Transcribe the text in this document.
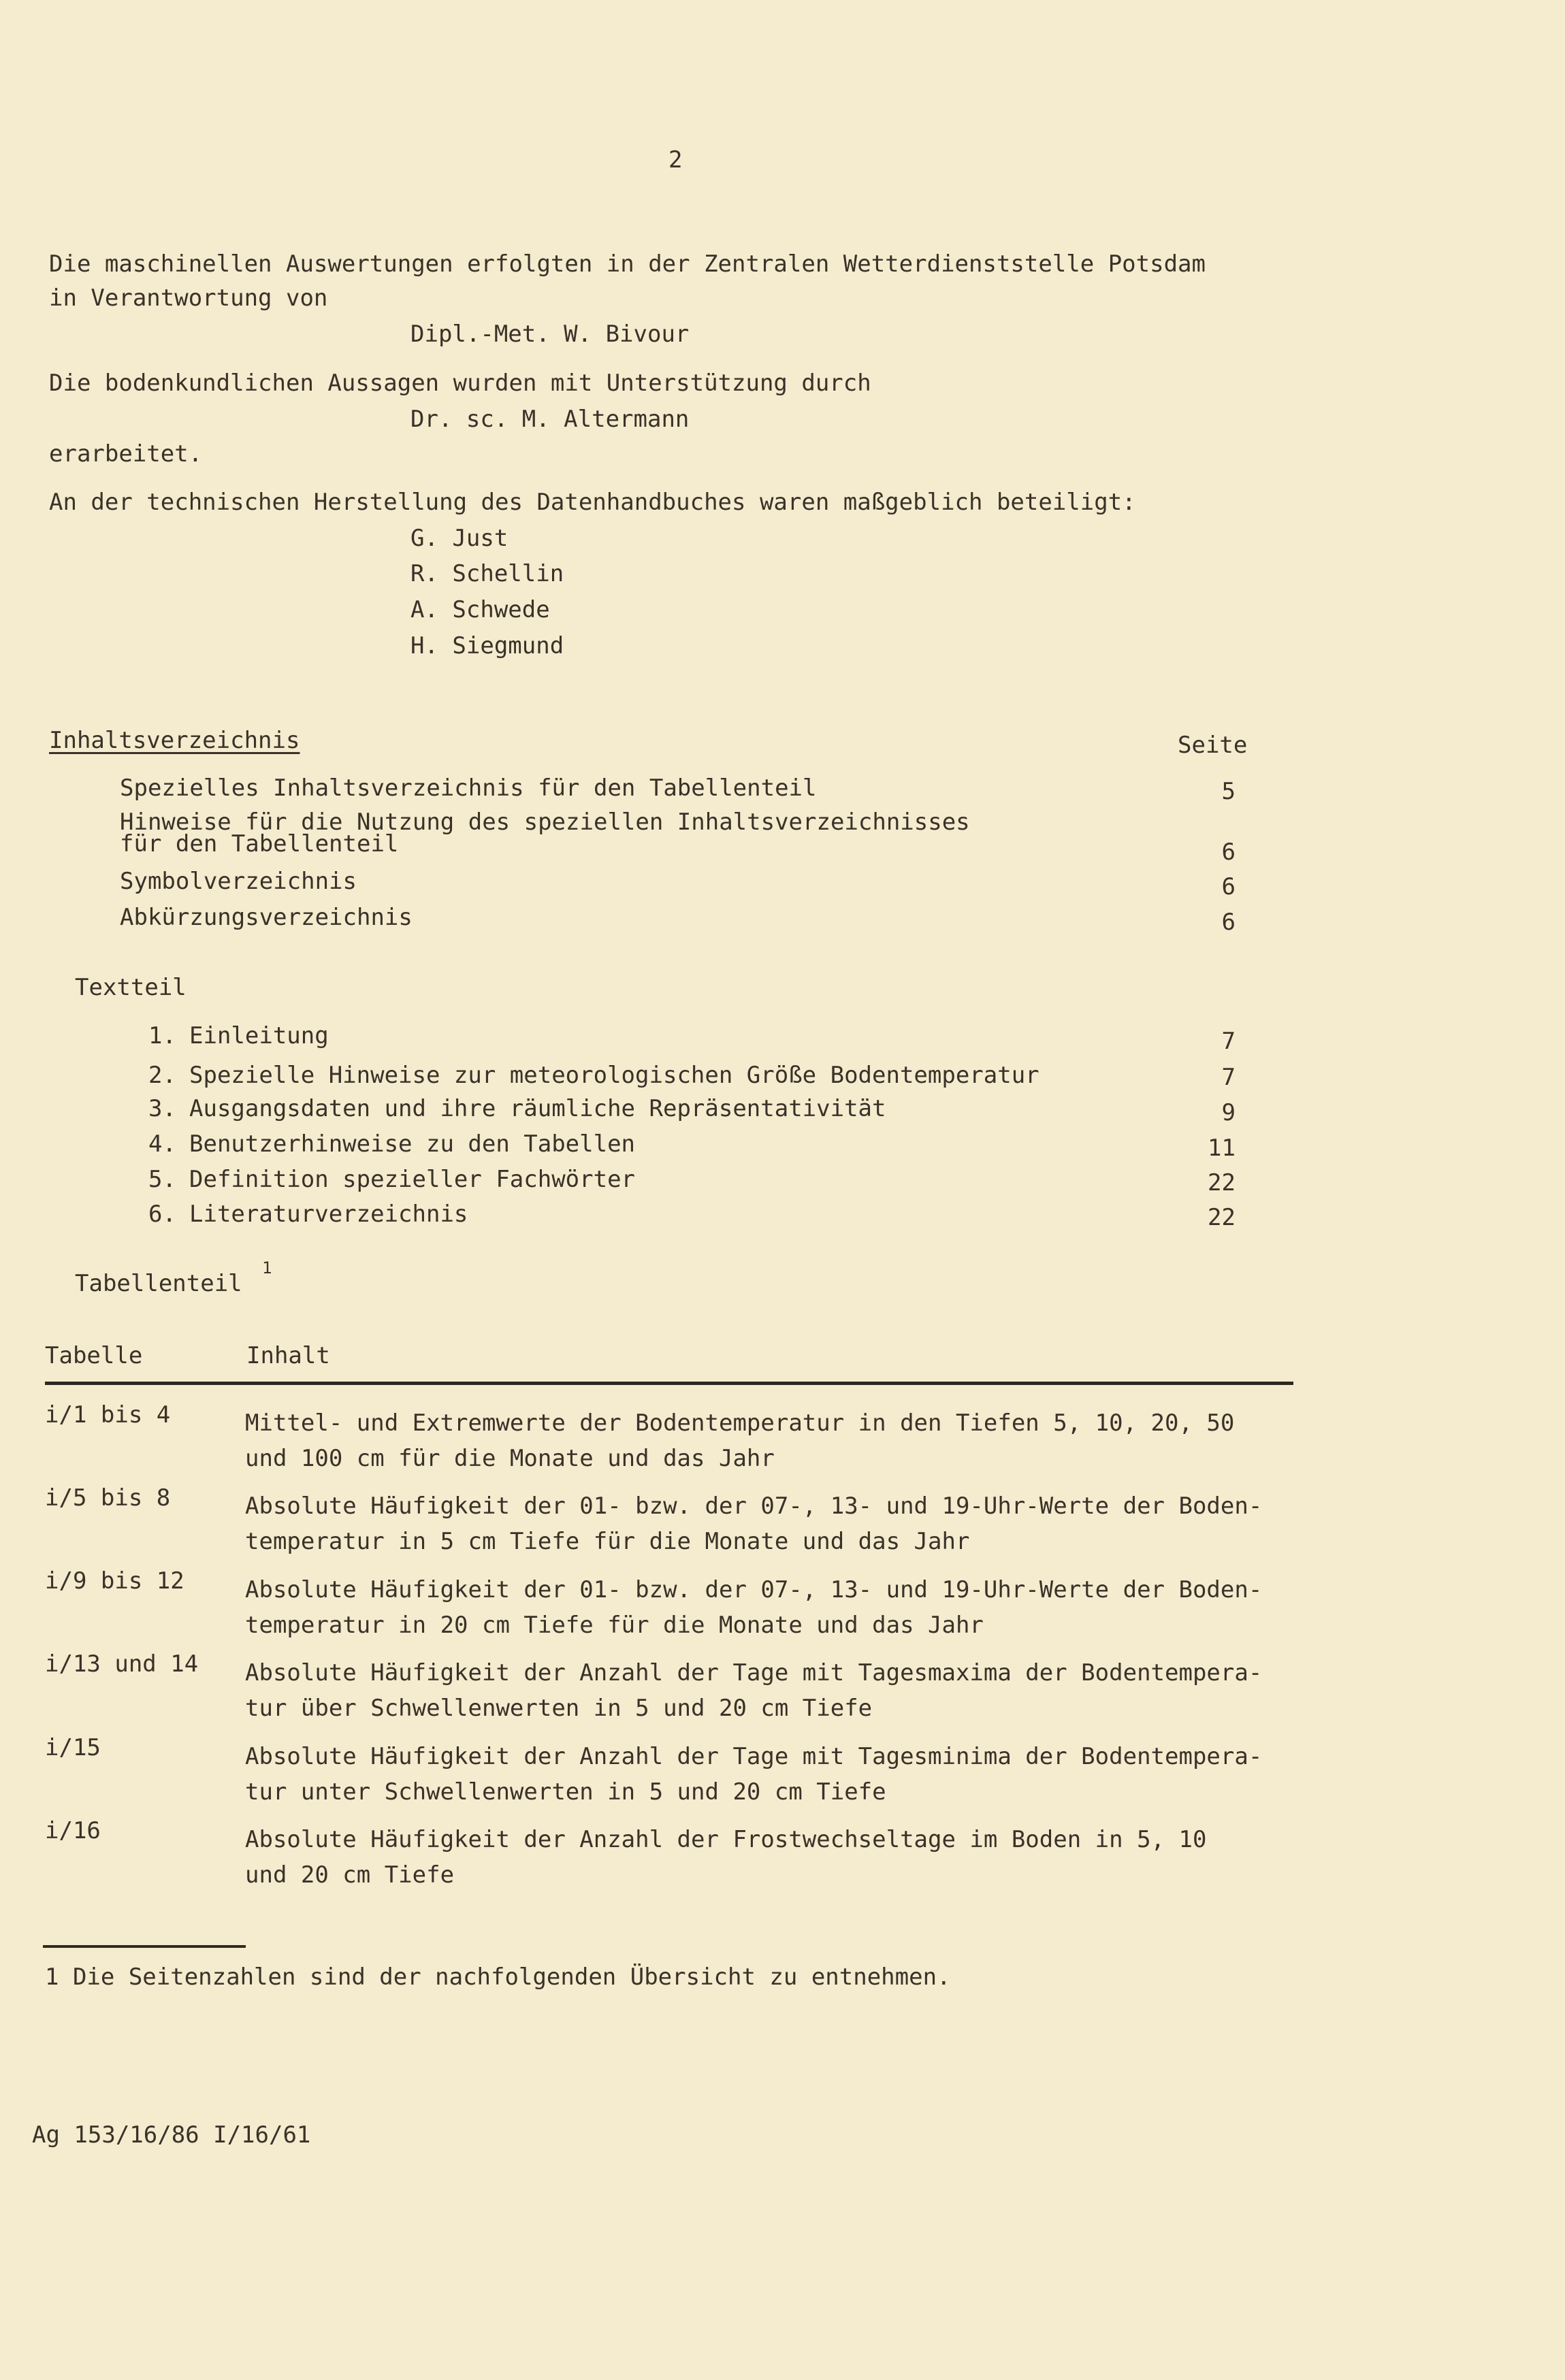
2
Die maschinellen Auswertungen erfolgten in der Zentralen Wetterdienststelle Potsdam
in Verantwortung von
Dipl.-Met. W. Bivour
Die bodenkundlichen Aussagen wurden mit Unterstützung durch
Dr. sc. M. Altermann
erarbeitet.
An der technischen Herstellung des Datenhandbuches waren maßgeblich beteiligt:
G. Just
R. Schellin
A. Schwede
H. Siegmund
Inhaltsverzeichnis	Seite
Spezielles Inhaltsverzeichnis für den Tabellenteil	5
Hinweise für die Nutzung des speziellen Inhaltsverzeichnisses
für den Tabellenteil	6
Symbolverzeichnis	6
Abkürzungsverzeichnis	6
Textteil
1. Einleitung	7
2. Spezielle Hinweise zur meteorologischen Größe Bodentemperatur	7
3. Ausgangsdaten und ihre räumliche Repräsentativität	9
4. Benutzerhinweise zu den Tabellen	11
5. Definition spezieller Fachwörter	22
6. Literaturverzeichnis	22
Tabellenteil
1
Tabelle	Inhalt
i/1 bis 4	Mittel- und Extremwerte der Bodentemperatur in den Tiefen 5, 10, 20, 50
und 100 cm für die Monate und das Jahr
i/5 bis 8	Absolute Häufigkeit der 01- bzw. der 07-, 13- und 19-Uhr-Werte der Boden-
temperatur in 5 cm Tiefe für die Monate und das Jahr
i/9 bis 12	Absolute Häufigkeit der 01- bzw. der 07-, 13- und 19-Uhr-Werte der Boden-
temperatur in 20 cm Tiefe für die Monate und das Jahr
i/13 und 14 Absolute Häufigkeit der Anzahl der Tage mit Tagesmaxima der Bodentempera-
tur über Schwellenwerten in 5 und 20 cm Tiefe
i/15	Absolute Häufigkeit der Anzahl der Tage mit Tagesminima der Bodentempera-
tur unter Schwellenwerten in 5 und 20 cm Tiefe
i/16	Absolute Häufigkeit der Anzahl der Frostwechseltage im Boden in 5, 10
und 20 cm Tiefe
1 Die Seitenzahlen sind der nachfolgenden Übersicht zu entnehmen.
Ag 153/16/86 I/16/61
